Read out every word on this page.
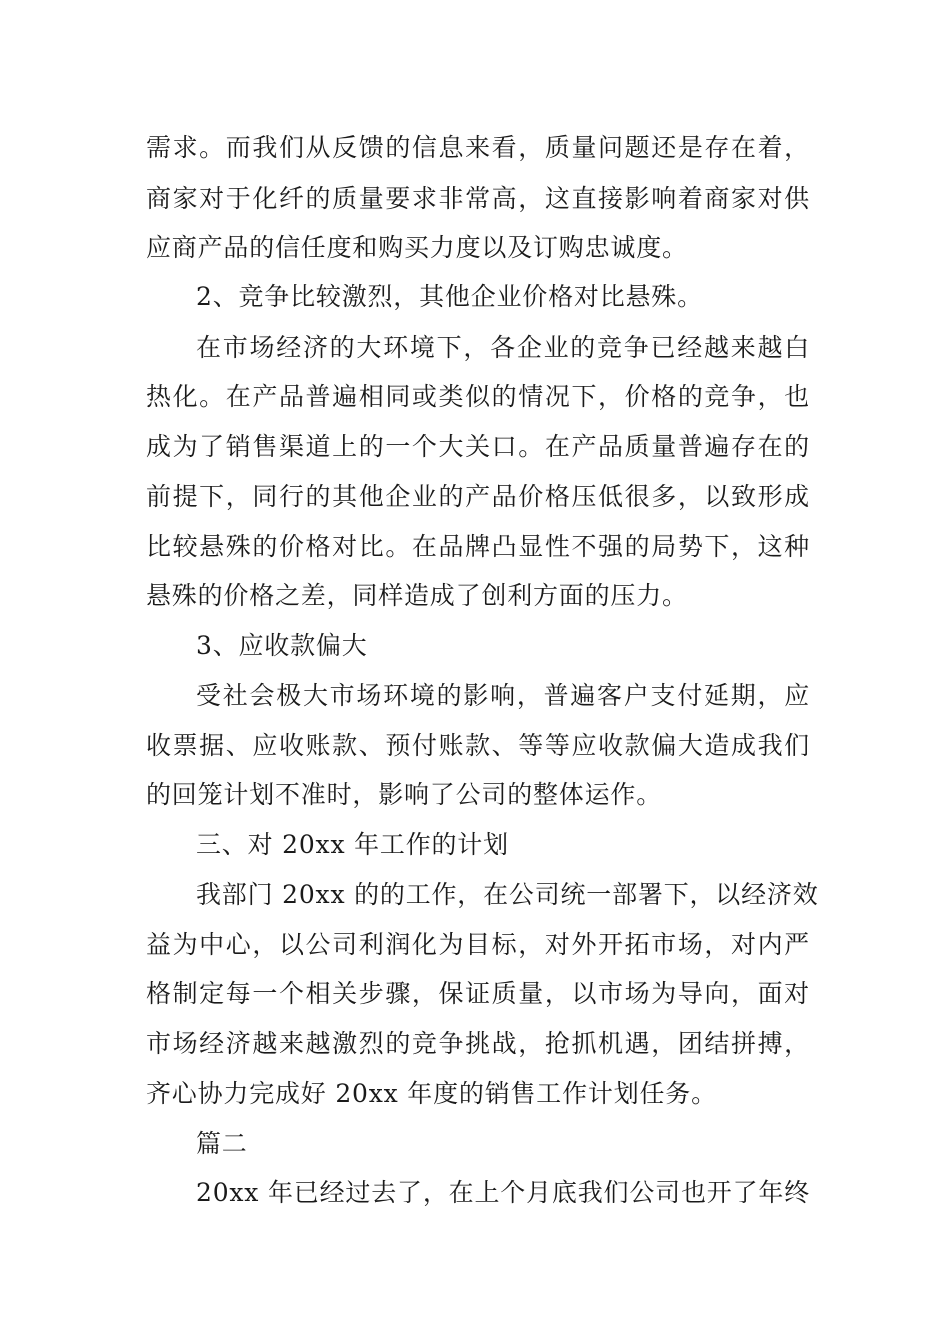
需求。而我们从反馈的信息来看，质量问题还是存在着，
商家对于化纤的质量要求非常高，这直接影响着商家对供
应商产品的信任度和购买力度以及订购忠诚度。
2、竞争比较激烈，其他企业价格对比悬殊。
在市场经济的大环境下，各企业的竞争已经越来越白
热化。在产品普遍相同或类似的情况下，价格的竞争，也
成为了销售渠道上的一个大关口。在产品质量普遍存在的
前提下，同行的其他企业的产品价格压低很多，以致形成
比较悬殊的价格对比。在品牌凸显性不强的局势下，这种
悬殊的价格之差，同样造成了创利方面的压力。
3、应收款偏大
受社会极大市场环境的影响，普遍客户支付延期，应
收票据、应收账款、预付账款、等等应收款偏大造成我们
的回笼计划不准时，影响了公司的整体运作。
三、对 20xx 年工作的计划
我部门 20xx 的的工作，在公司统一部署下，以经济效
益为中心，以公司利润化为目标，对外开拓市场，对内严
格制定每一个相关步骤，保证质量，以市场为导向，面对
市场经济越来越激烈的竞争挑战，抢抓机遇，团结拼搏，
齐心协力完成好 20xx 年度的销售工作计划任务。
篇二
20xx 年已经过去了，在上个月底我们公司也开了年终
